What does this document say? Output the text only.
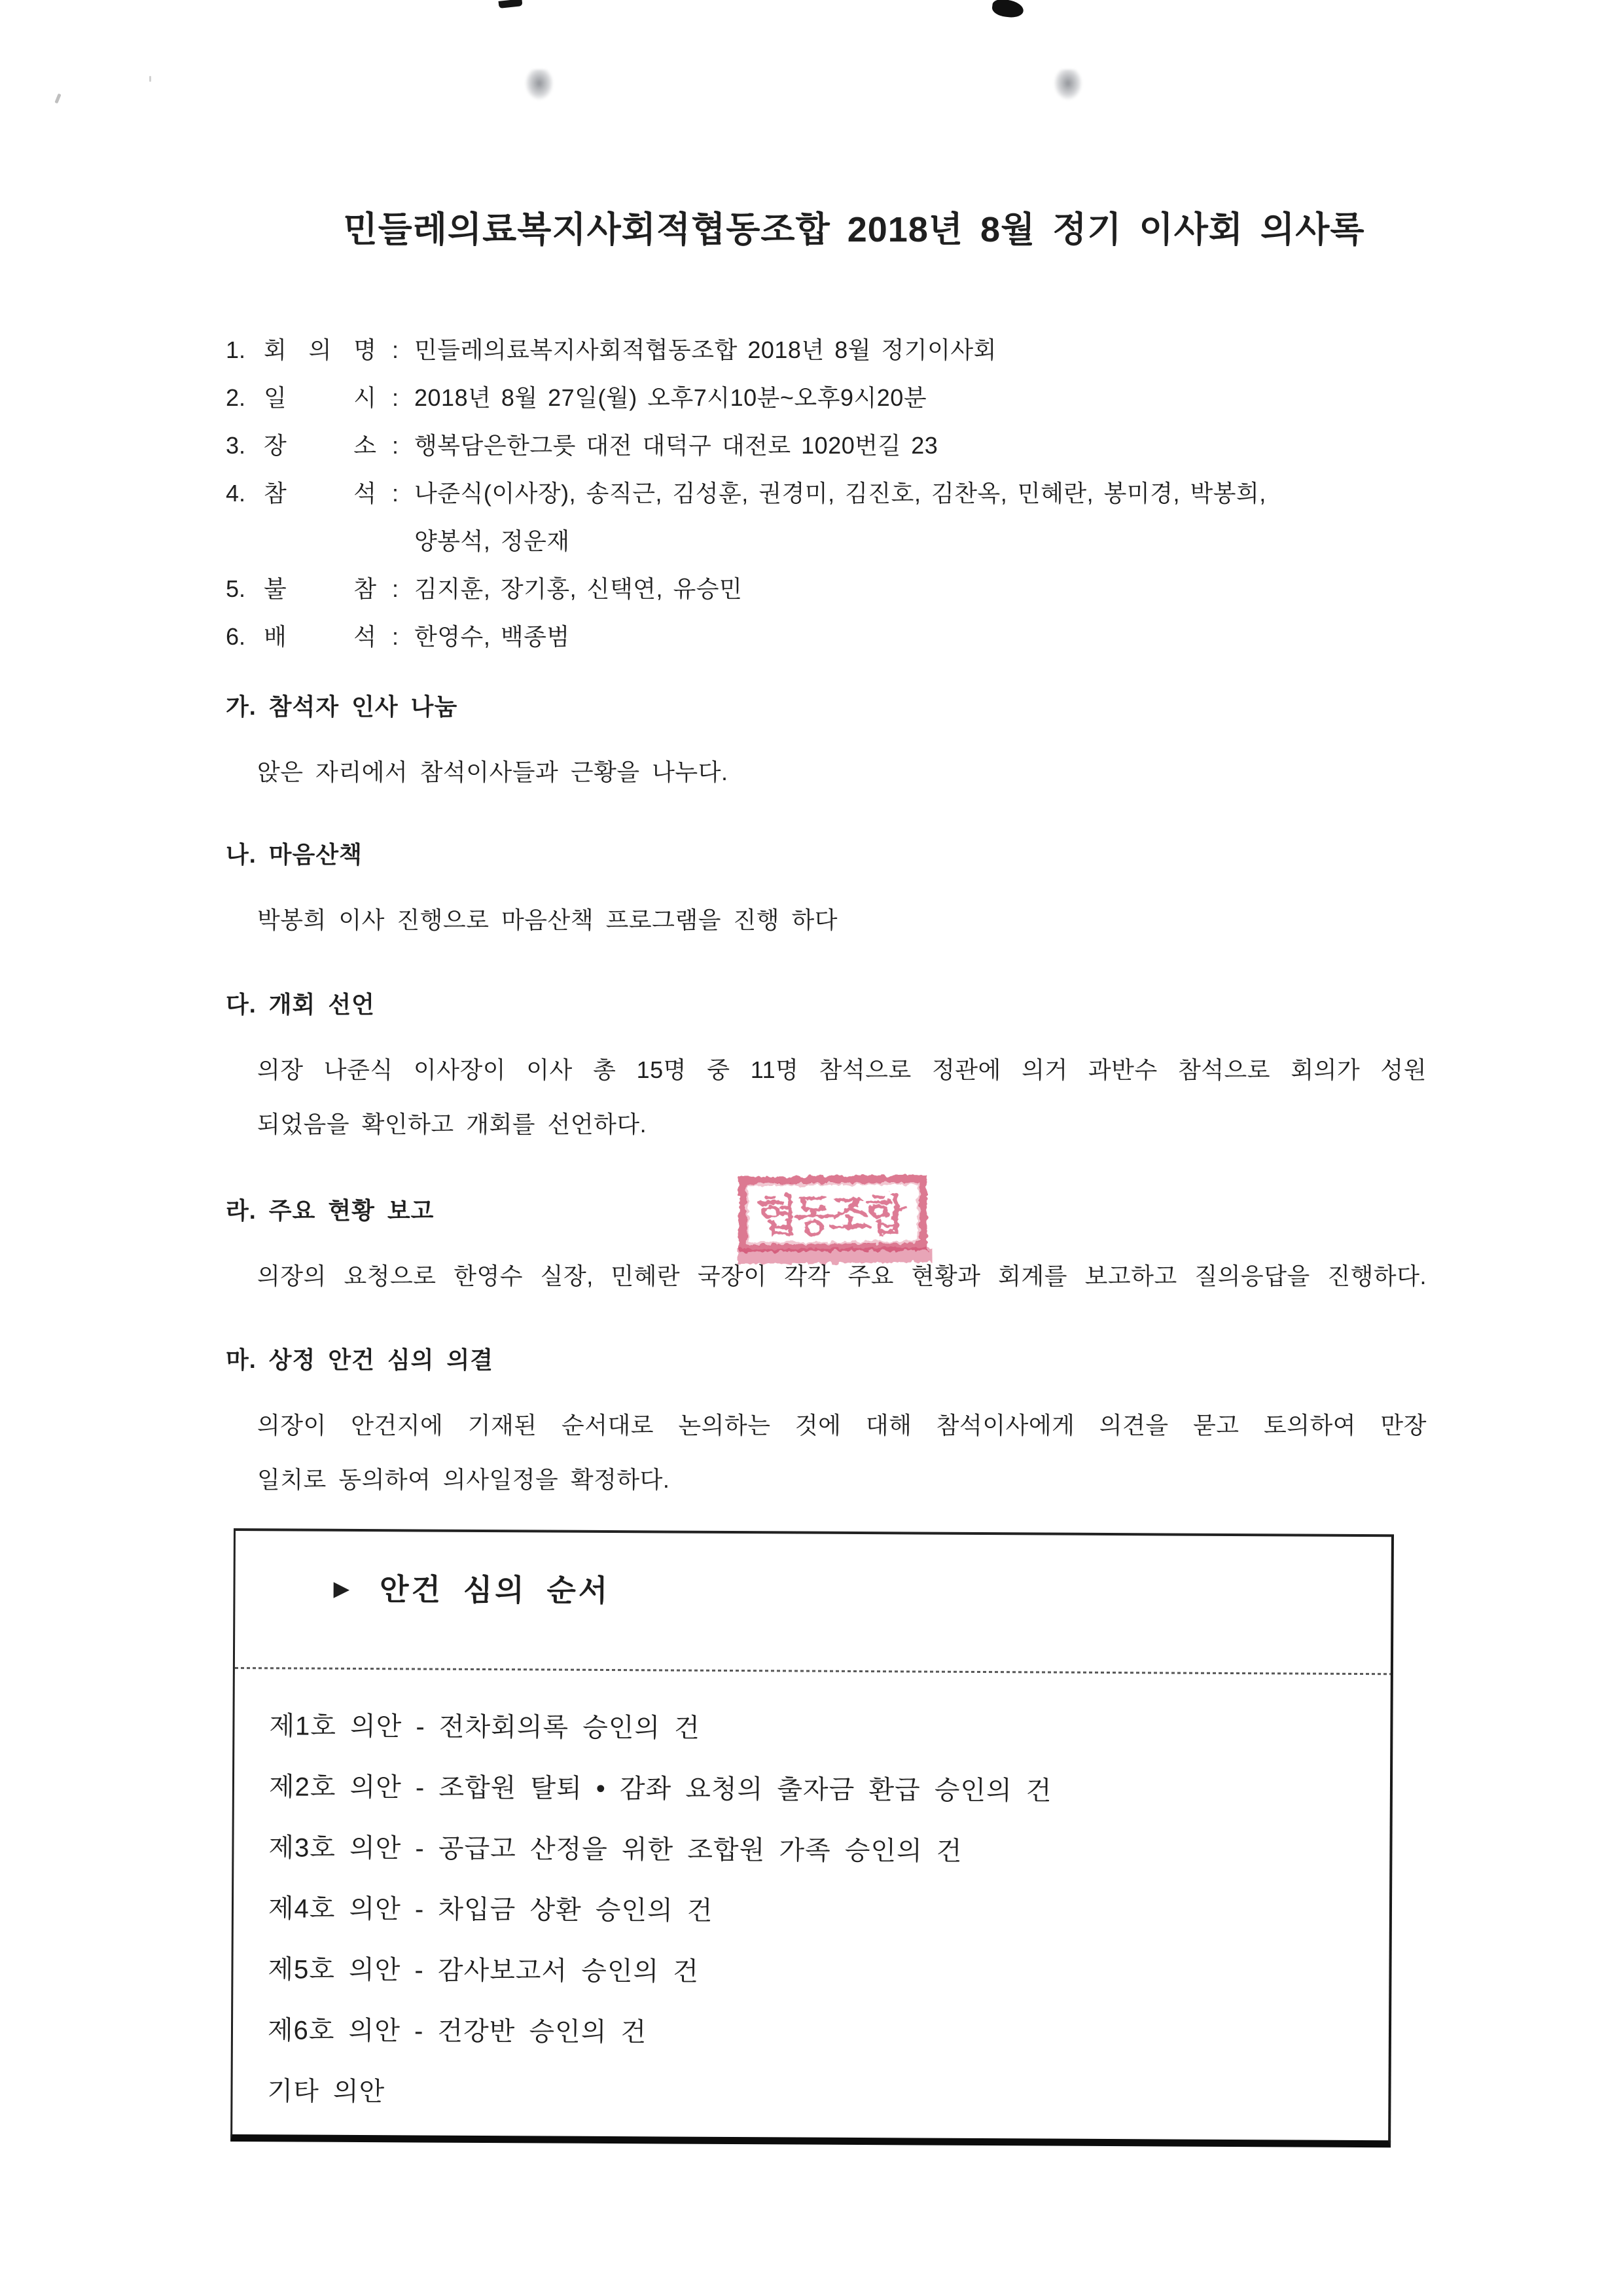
민들레의료복지사회적협동조합 2018년 8월 정기 이사회 의사록
1. 회 의 명 : 민들레의료복지사회적협동조합 2018년 8월 정기이사회
2. 일 시 : 2018년 8월 27일(월) 오후7시10분~오후9시20분
3. 장 소 : 행복담은한그릇 대전 대덕구 대전로 1020번길 23
4. 참 석 : 나준식(이사장), 송직근, 김성훈, 권경미, 김진호, 김찬옥, 민혜란, 봉미경, 박봉희,
양봉석, 정운재
5. 불 참 : 김지훈, 장기홍, 신택연, 유승민
6. 배 석 : 한영수, 백종범
가. 참석자 인사 나눔
앉은 자리에서 참석이사들과 근황을 나누다.
나. 마음산책
박봉희 이사 진행으로 마음산책 프로그램을 진행 하다
다. 개회 선언
의장 나준식 이사장이 이사 총 15명 중 11명 참석으로 정관에 의거 과반수 참석으로 회의가 성원
되었음을 확인하고 개회를 선언하다.
라. 주요 현황 보고
의장의 요청으로 한영수 실장, 민혜란 국장이 각각 주요 현황과 회계를 보고하고 질의응답을 진행하다.
마. 상정 안건 심의 의결
의장이 안건지에 기재된 순서대로 논의하는 것에 대해 참석이사에게 의견을 묻고 토의하여 만장
일치로 동의하여 의사일정을 확정하다.
협동조합
▶ 안건 심의 순서
제1호 의안 - 전차회의록 승인의 건
제2호 의안 - 조합원 탈퇴 • 감좌 요청의 출자금 환급 승인의 건
제3호 의안 - 공급고 산정을 위한 조합원 가족 승인의 건
제4호 의안 - 차입금 상환 승인의 건
제5호 의안 - 감사보고서 승인의 건
제6호 의안 - 건강반 승인의 건
기타 의안
